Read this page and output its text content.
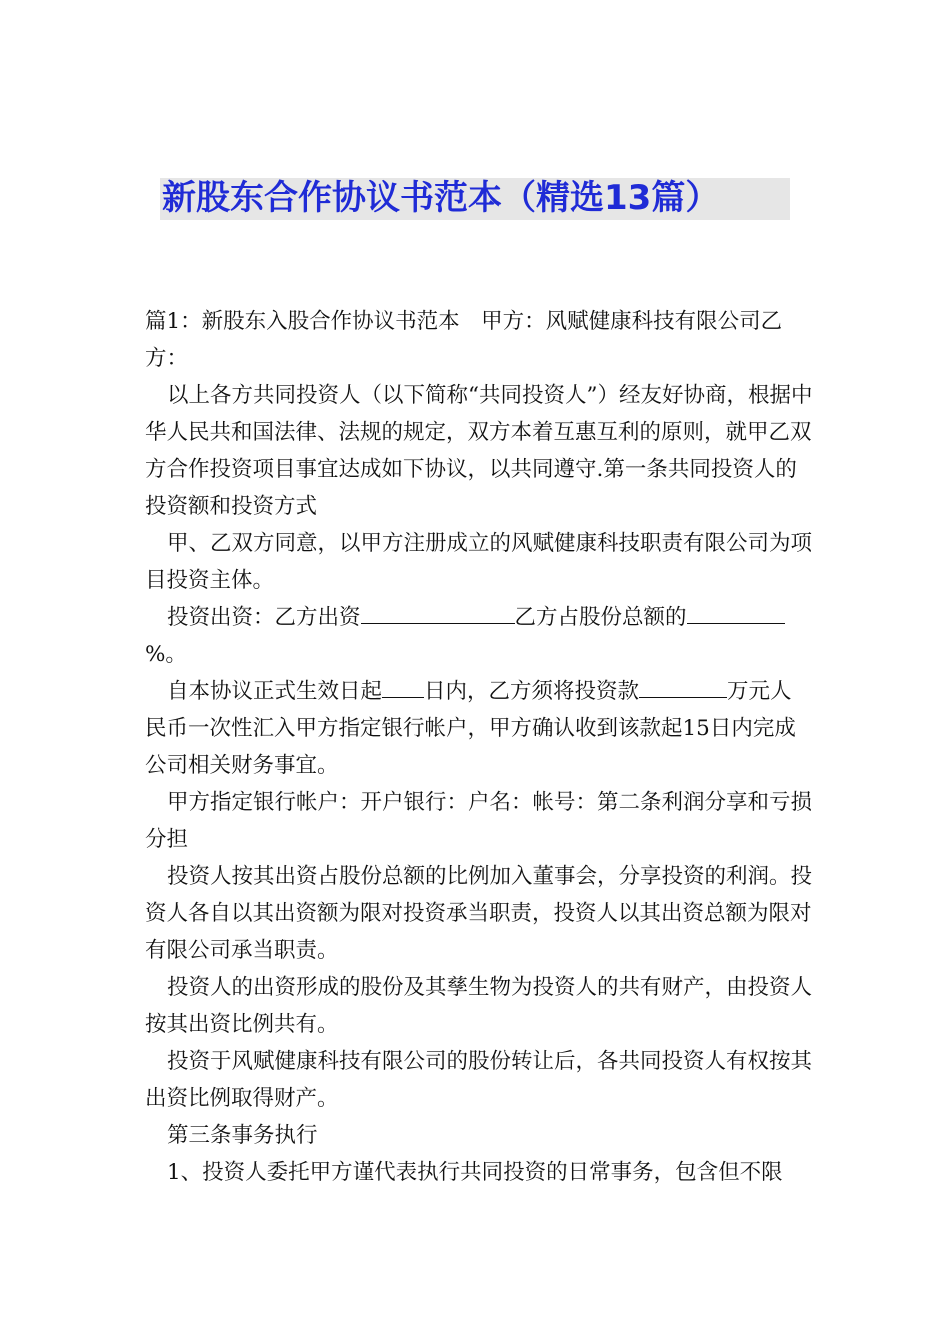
新股东合作协议书范本（精选13篇）

篇1：新股东入股合作协议书范本　甲方：风赋健康科技有限公司乙方：

以上各方共同投资人（以下简称“共同投资人”）经友好协商，根据中华人民共和国法律、法规的规定，双方本着互惠互利的原则，就甲乙双方合作投资项目事宜达成如下协议，以共同遵守.第一条共同投资人的投资额和投资方式

甲、乙双方同意，以甲方注册成立的风赋健康科技职责有限公司为项目投资主体。

投资出资：乙方出资	乙方占股份总额的%。

自本协议正式生效日起 日内，乙方须将投资款	万元人民币一次性汇入甲方指定银行帐户，甲方确认收到该款起15日内完成公司相关财务事宜。

甲方指定银行帐户：开户银行：户名：帐号：第二条利润分享和亏损分担

投资人按其出资占股份总额的比例加入董事会，分享投资的利润。投资人各自以其出资额为限对投资承当职责，投资人以其出资总额为限对有限公司承当职责。

投资人的出资形成的股份及其孳生物为投资人的共有财产，由投资人按其出资比例共有。

投资于风赋健康科技有限公司的股份转让后，各共同投资人有权按其出资比例取得财产。

第三条事务执行

1、投资人委托甲方谨代表执行共同投资的日常事务，包含但不限
